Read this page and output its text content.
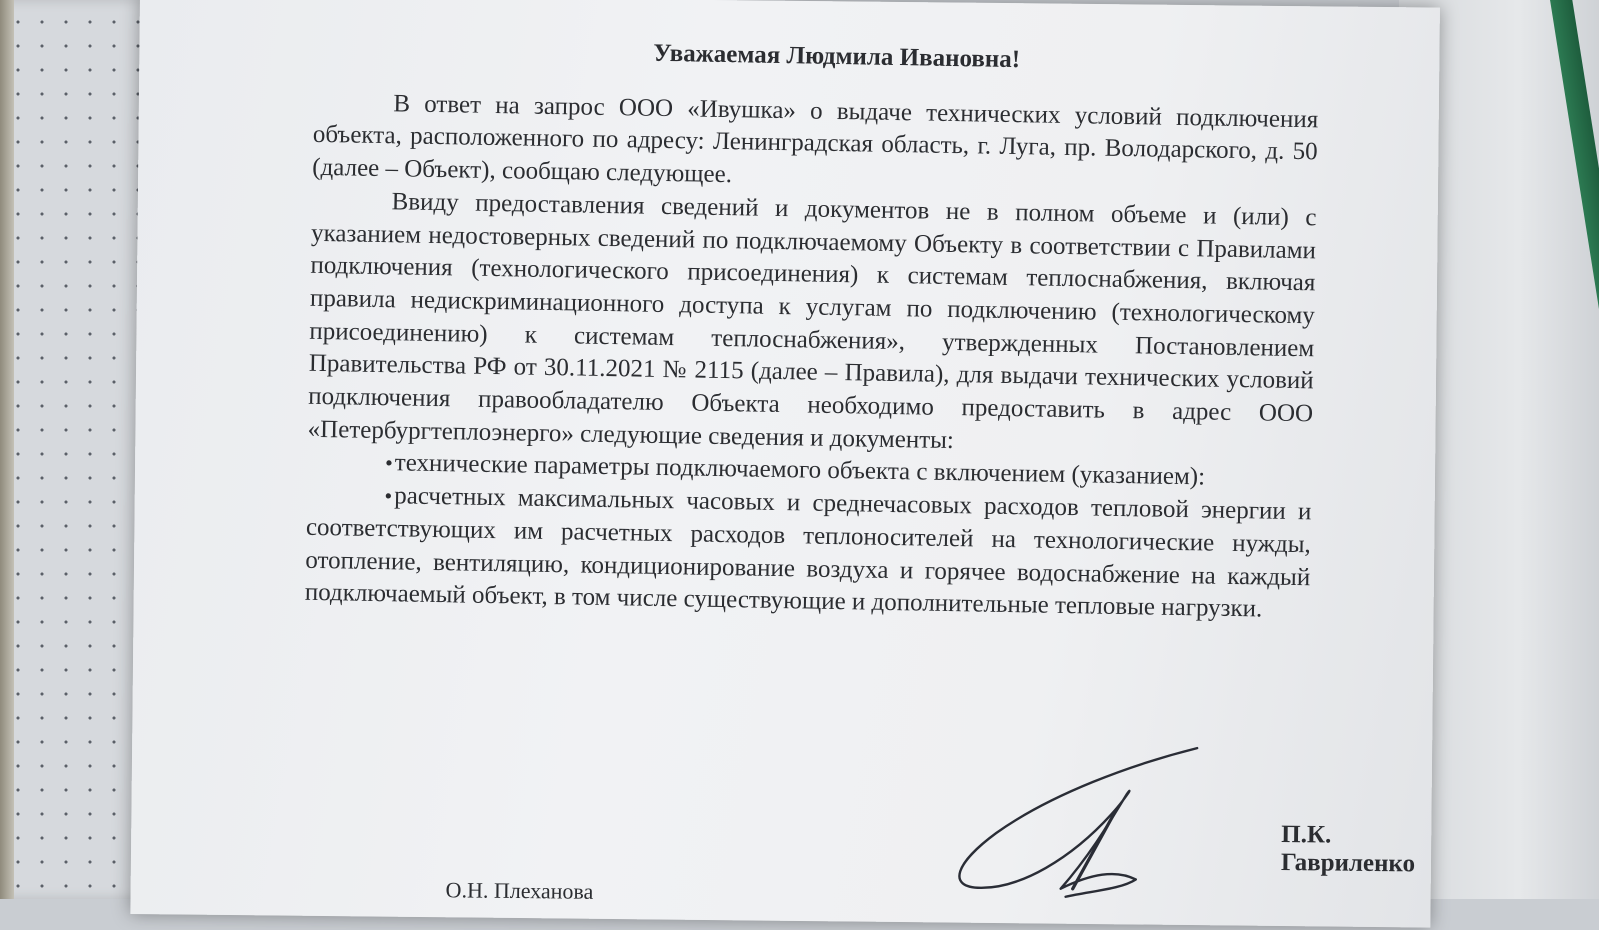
Уважаемая Людмила Ивановна!

В ответ на запрос ООО «Ивушка» о выдаче технических условий подключения объекта, расположенного по адресу: Ленинградская область, г. Луга, пр. Володарского, д. 50 (далее – Объект), сообщаю следующее.

Ввиду предоставления сведений и документов не в полном объеме и (или) с указанием недостоверных сведений по подключаемому Объекту в соответствии с Правилами подключения (технологического присоединения) к системам теплоснабжения, включая правила недискриминационного доступа к услугам по подключению (технологическому присоединению) к системам теплоснабжения», утвержденных Постановлением Правительства РФ от 30.11.2021 № 2115 (далее – Правила), для выдачи технических условий подключения правообладателю Объекта необходимо предоставить в адрес ООО «Петербургтеплоэнерго» следующие сведения и документы:

•технические параметры подключаемого объекта с включением (указанием):

•расчетных максимальных часовых и среднечасовых расходов тепловой энергии и соответствующих им расчетных расходов теплоносителей на технологические нужды, отопление, вентиляцию, кондиционирование воздуха и горячее водоснабжение на каждый подключаемый объект, в том числе существующие и дополнительные тепловые нагрузки.

П.К. Гавриленко
О.Н. Плеханова
